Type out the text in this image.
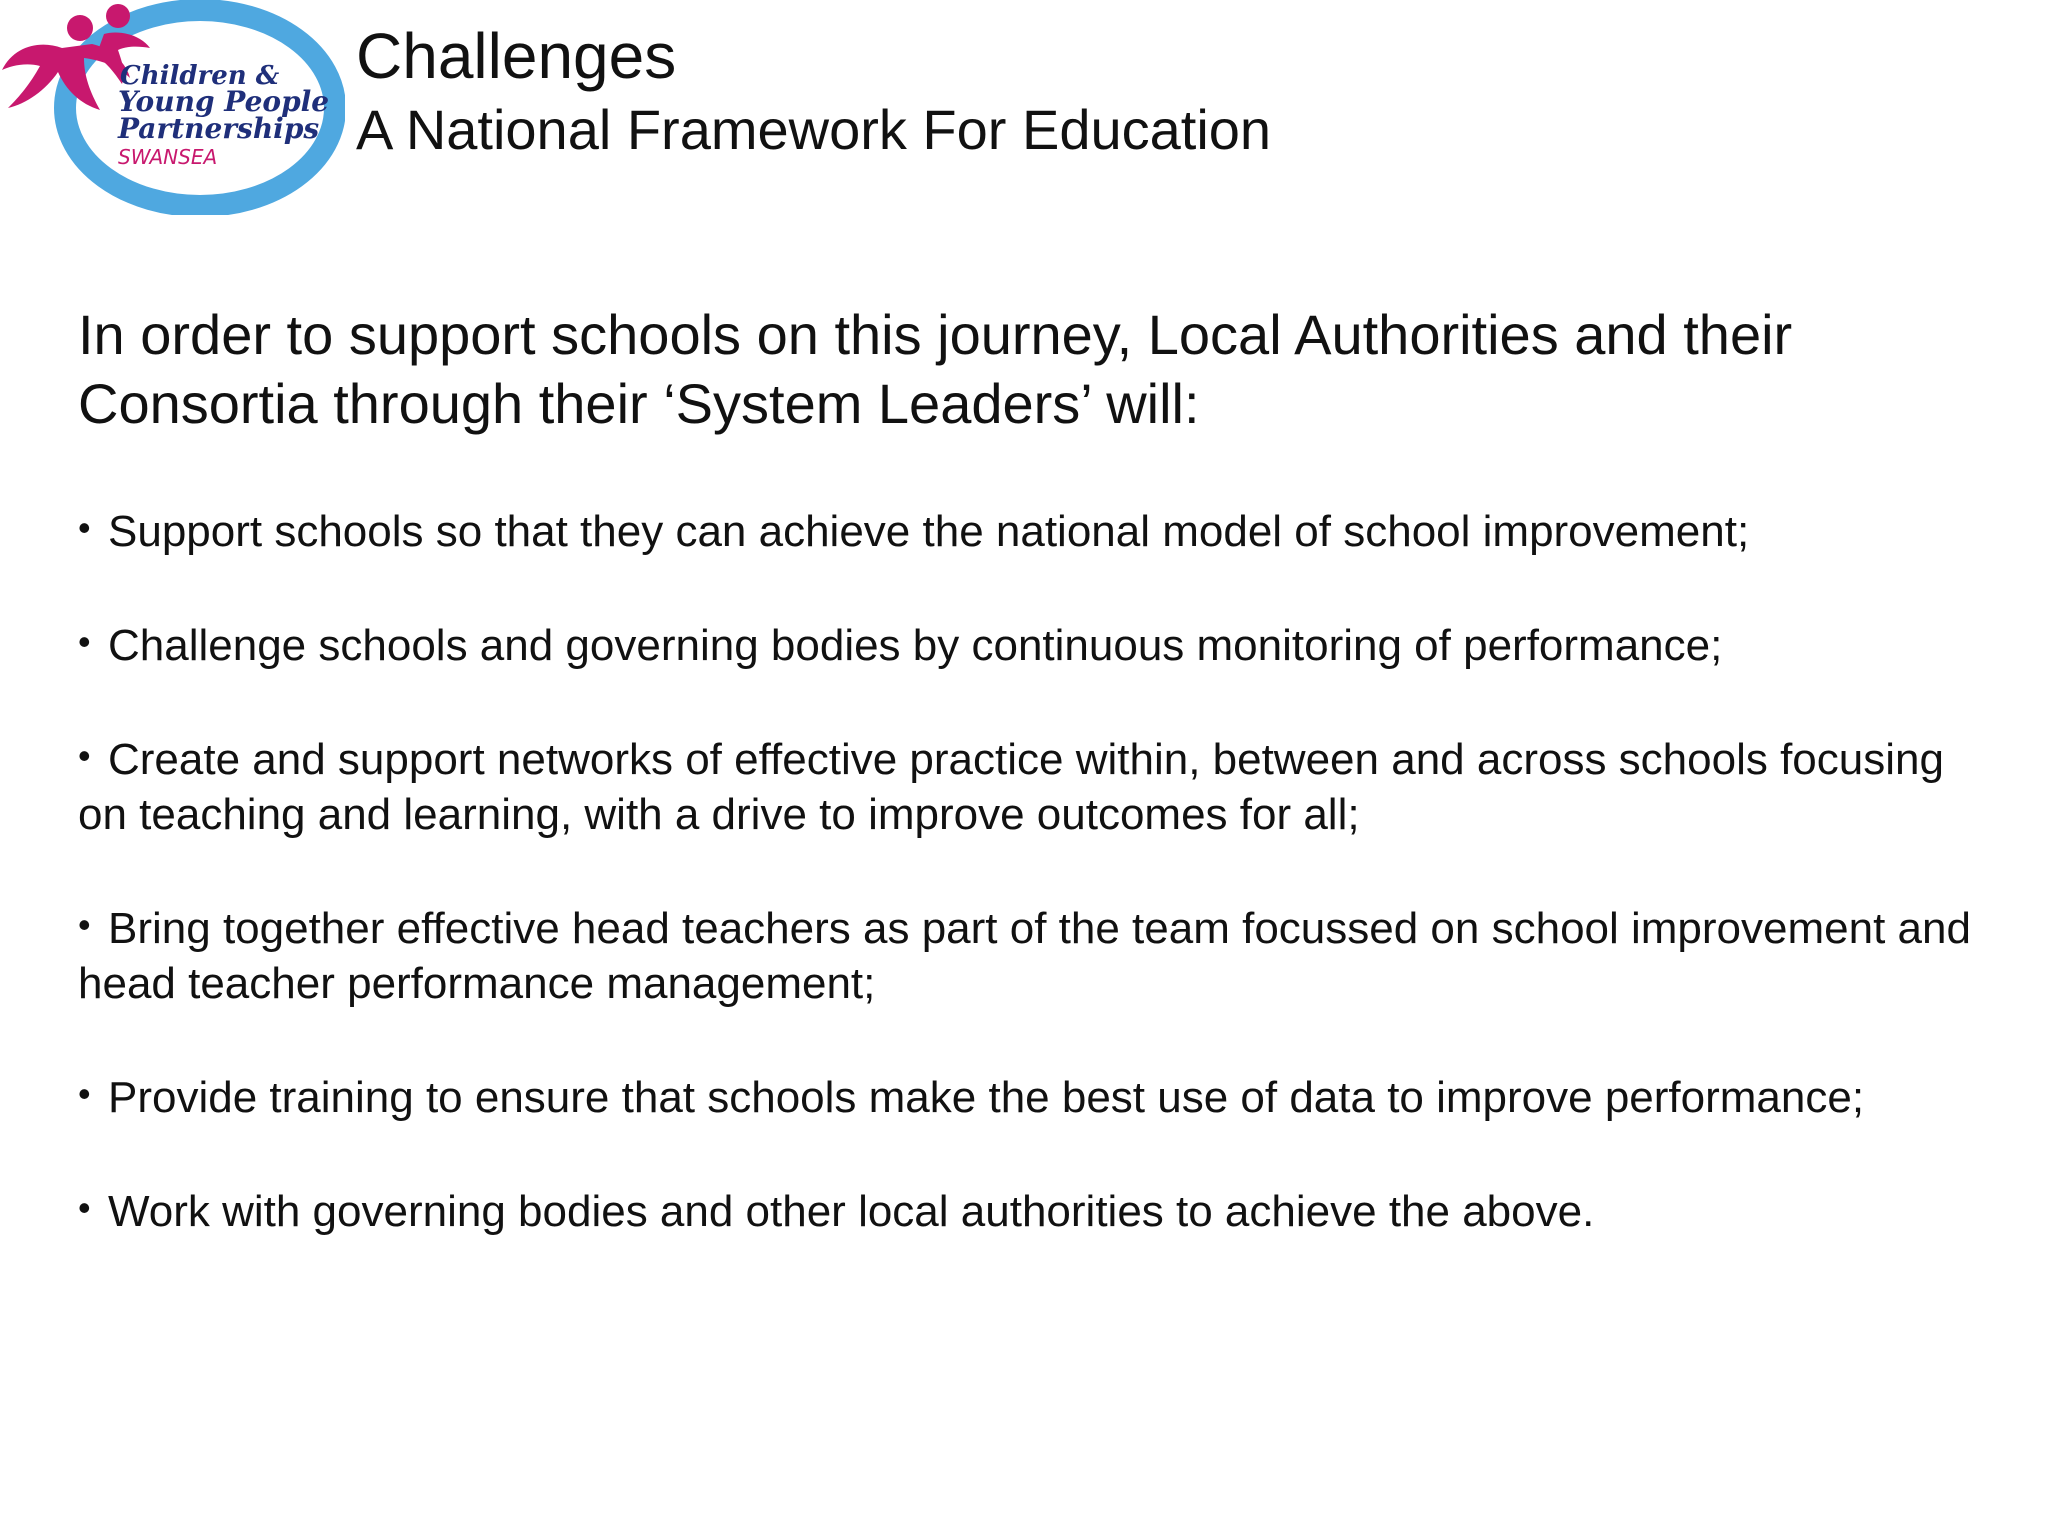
Children &
Young People
Partnerships
SWANSEA
Challenges
A National Framework For Education
In order to support schools on this journey, Local Authorities and their Consortia through their ‘System Leaders’ will:
• Support schools so that they can achieve the national model of school improvement;
• Challenge schools and governing bodies by continuous monitoring of performance;
• Create and support networks of effective practice within, between and across schools focusing on teaching and learning, with a drive to improve outcomes for all;
• Bring together effective head teachers as part of the team focussed on school improvement and head teacher performance management;
• Provide training to ensure that schools make the best use of data to improve performance;
• Work with governing bodies and other local authorities to achieve the above.
